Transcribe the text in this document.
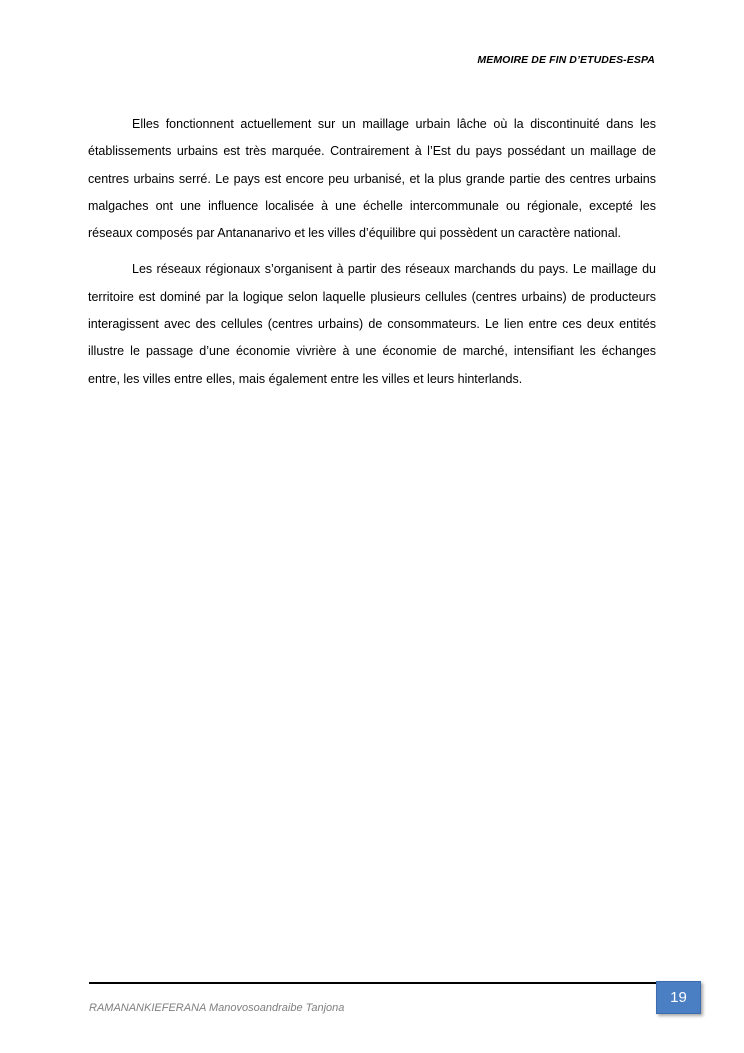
MEMOIRE DE FIN D’ETUDES-ESPA

Elles fonctionnent actuellement sur un maillage urbain lâche où la discontinuité dans les établissements urbains est très marquée. Contrairement à l’Est du pays possédant un maillage de centres urbains serré. Le pays est encore peu urbanisé, et la plus grande partie des centres urbains malgaches ont une influence localisée à une échelle intercommunale ou régionale, excepté les réseaux composés par Antananarivo et les villes d’équilibre qui possèdent un caractère national.

Les réseaux régionaux s’organisent à partir des réseaux marchands du pays. Le maillage du territoire est dominé par la logique selon laquelle plusieurs cellules (centres urbains) de producteurs interagissent avec des cellules (centres urbains) de consommateurs. Le lien entre ces deux entités illustre le passage d’une économie vivrière à une économie de marché, intensifiant les échanges entre, les villes entre elles, mais également entre les villes et leurs hinterlands.

RAMANANKIEFERANA Manovosoandraibe Tanjona
19
